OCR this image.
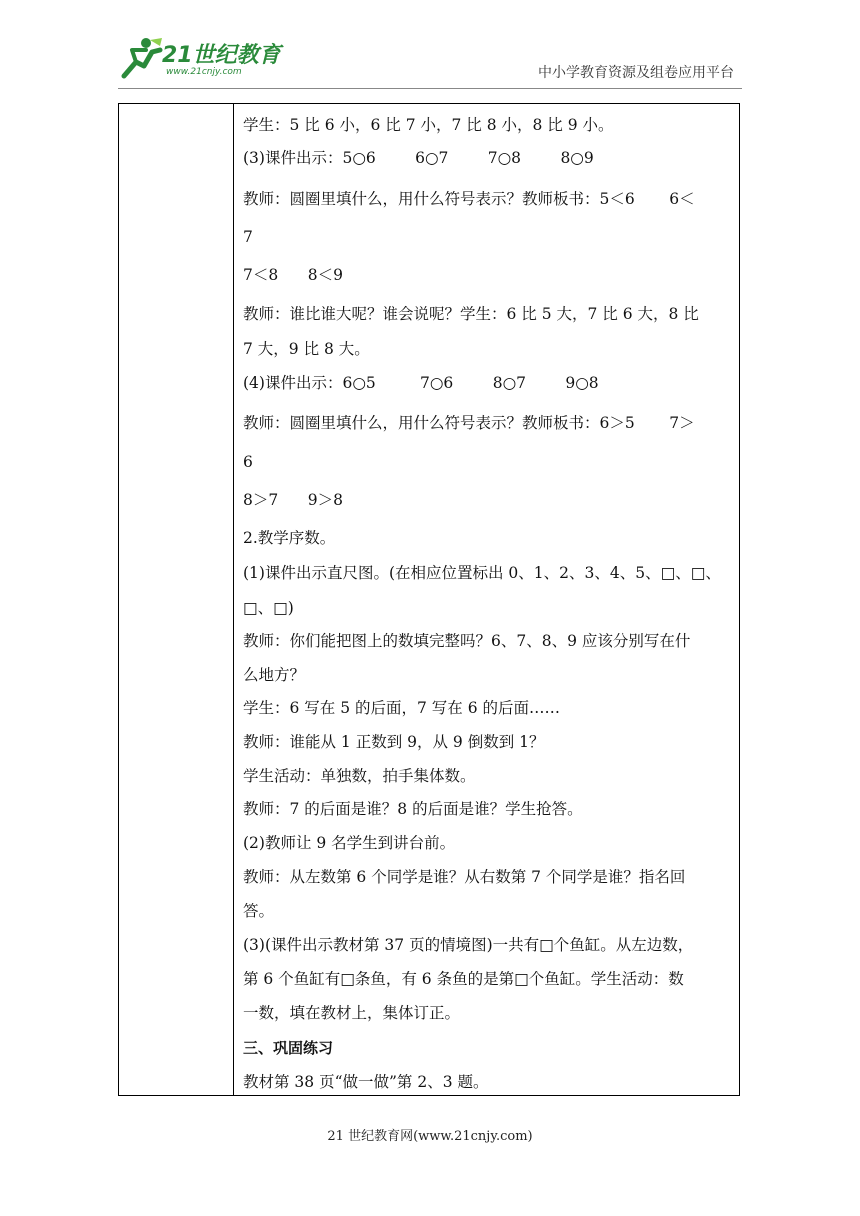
21世纪教育
www.21cnjy.com	中小学教育资源及组卷应用平台
学生：5 比 6 小，6 比 7 小，7 比 8 小，8 比 9 小。
(3)课件出示：5○6        6○7        7○8        8○9
教师：圆圈里填什么，用什么符号表示？教师板书：5＜6       6＜
7
7＜8      8＜9
教师：谁比谁大呢？谁会说呢？学生：6 比 5 大，7 比 6 大，8 比
7 大，9 比 8 大。
(4)课件出示：6○5         7○6        8○7        9○8
教师：圆圈里填什么，用什么符号表示？教师板书：6＞5       7＞
6
8＞7      9＞8
2.教学序数。
(1)课件出示直尺图。(在相应位置标出 0、1、2、3、4、5、□、□、
□、□)
教师：你们能把图上的数填完整吗？6、7、8、9 应该分别写在什
么地方？
学生：6 写在 5 的后面，7 写在 6 的后面……
教师：谁能从 1 正数到 9，从 9 倒数到 1？
学生活动：单独数，拍手集体数。
教师：7 的后面是谁？8 的后面是谁？学生抢答。
(2)教师让 9 名学生到讲台前。
教师：从左数第 6 个同学是谁？从右数第 7 个同学是谁？指名回
答。
(3)(课件出示教材第 37 页的情境图)一共有□个鱼缸。从左边数，
第 6 个鱼缸有□条鱼，有 6 条鱼的是第□个鱼缸。学生活动：数
一数，填在教材上，集体订正。
三、巩固练习
教材第 38 页“做一做”第 2、3 题。
21 世纪教育网(www.21cnjy.com)
